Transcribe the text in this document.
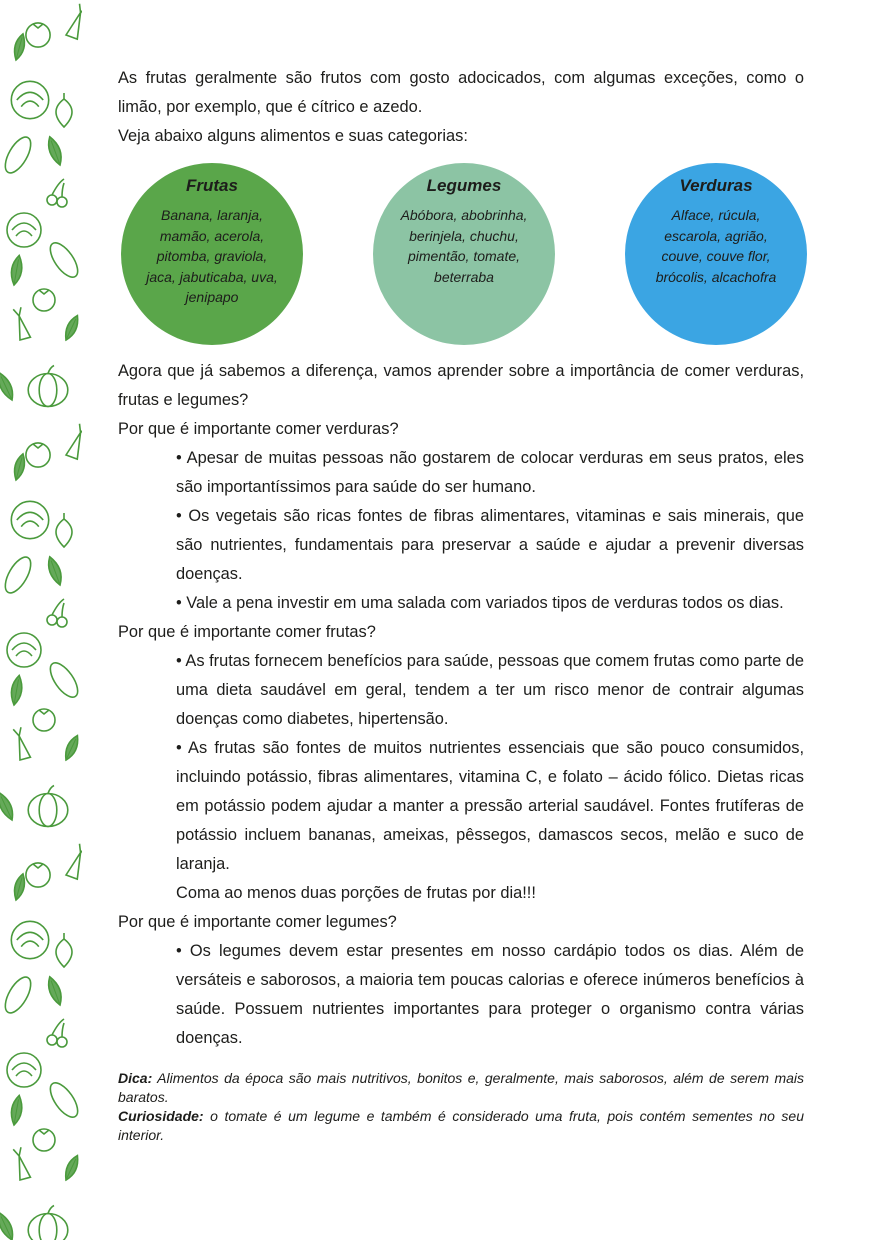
As frutas geralmente são frutos com gosto adocicados, com algumas exceções, como o limão, por exemplo, que é cítrico e azedo.

Veja abaixo alguns alimentos e suas categorias:

Frutas
Banana, laranja, mamão, acerola, pitomba, graviola, jaca, jabuticaba, uva, jenipapo
Legumes
Abóbora, abobrinha, berinjela, chuchu, pimentão, tomate, beterraba
Verduras
Alface, rúcula, escarola, agrião, couve, couve flor, brócolis, alcachofra

Agora que já sabemos a diferença, vamos aprender sobre a importância de comer verduras, frutas e legumes?

Por que é importante comer verduras?

• Apesar de muitas pessoas não gostarem de colocar verduras em seus pratos, eles são importantíssimos para saúde do ser humano.

• Os vegetais são ricas fontes de fibras alimentares, vitaminas e sais minerais, que são nutrientes, fundamentais para preservar a saúde e ajudar a prevenir diversas doenças.

• Vale a pena investir em uma salada com variados tipos de verduras todos os dias.

Por que é importante comer frutas?

• As frutas fornecem benefícios para saúde, pessoas que comem frutas como parte de uma dieta saudável em geral, tendem a ter um risco menor de contrair algumas doenças como diabetes, hipertensão.

• As frutas são fontes de muitos nutrientes essenciais que são pouco consumidos, incluindo potássio, fibras alimentares, vitamina C, e folato – ácido fólico. Dietas ricas em potássio podem ajudar a manter a pressão arterial saudável. Fontes frutíferas de potássio incluem bananas, ameixas, pêssegos, damascos secos, melão e suco de laranja.

Coma ao menos duas porções de frutas por dia!!!

Por que é importante comer legumes?

• Os legumes devem estar presentes em nosso cardápio todos os dias. Além de versáteis e saborosos, a maioria tem poucas calorias e oferece inúmeros benefícios à saúde. Possuem nutrientes importantes para proteger o organismo contra várias doenças.

Dica: Alimentos da época são mais nutritivos, bonitos e, geralmente, mais saborosos, além de serem mais baratos.

Curiosidade: o tomate é um legume e também é considerado uma fruta, pois contém sementes no seu interior.
